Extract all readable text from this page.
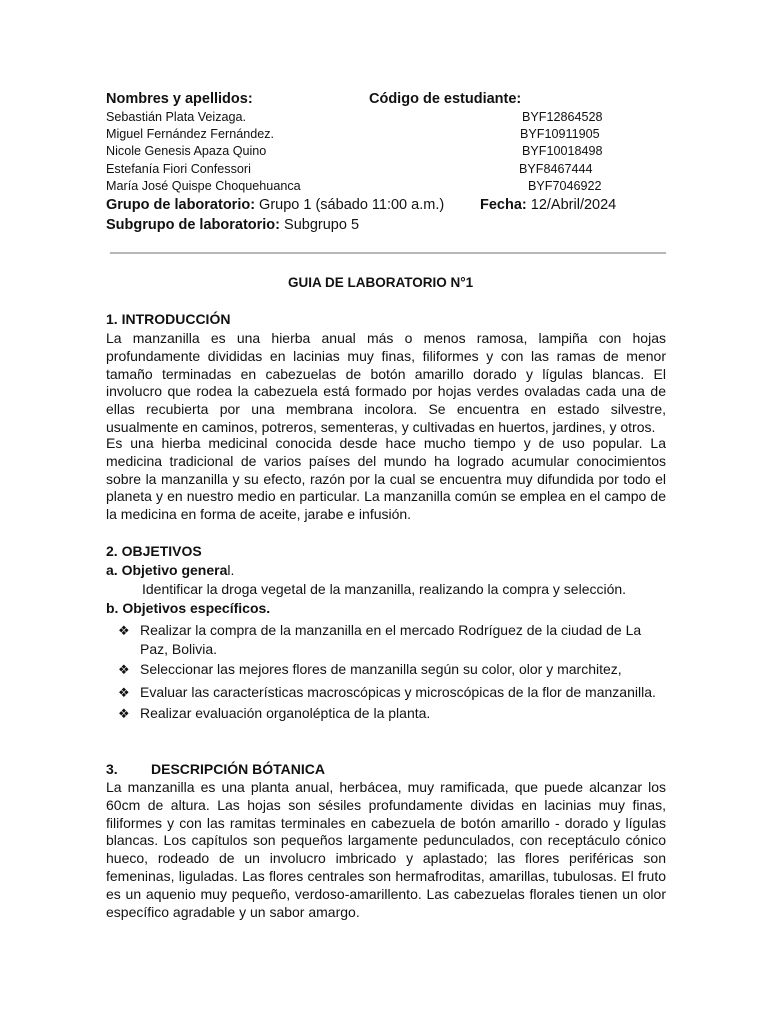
Nombres y apellidos:	Código de estudiante:
Sebastián Plata Veizaga.	BYF12864528
Miguel Fernández Fernández.	BYF10911905
Nicole Genesis Apaza Quino	BYF10018498
Estefanía Fiori Confessori	BYF8467444
María José Quispe Choquehuanca	BYF7046922
Grupo de laboratorio: Grupo 1 (sábado 11:00 a.m.) Fecha: 12/Abril/2024
Subgrupo de laboratorio: Subgrupo 5
GUIA DE LABORATORIO N°1
1. INTRODUCCIÓN

La manzanilla es una hierba anual más o menos ramosa, lampiña con hojas profundamente divididas en lacinias muy finas, filiformes y con las ramas de menor tamaño terminadas en cabezuelas de botón amarillo dorado y lígulas blancas. El involucro que rodea la cabezuela está formado por hojas verdes ovaladas cada una de ellas recubierta por una membrana incolora. Se encuentra en estado silvestre, usualmente en caminos, potreros, sementeras, y cultivadas en huertos, jardines, y otros.

Es una hierba medicinal conocida desde hace mucho tiempo y de uso popular. La medicina tradicional de varios países del mundo ha logrado acumular conocimientos sobre la manzanilla y su efecto, razón por la cual se encuentra muy difundida por todo el planeta y en nuestro medio en particular. La manzanilla común se emplea en el campo de la medicina en forma de aceite, jarabe e infusión.

2. OBJETIVOS
a. Objetivo general.
Identificar la droga vegetal de la manzanilla, realizando la compra y selección.
b. Objetivos específicos.
❖ Realizar la compra de la manzanilla en el mercado Rodríguez de la ciudad de La Paz, Bolivia.
❖ Seleccionar las mejores flores de manzanilla según su color, olor y marchitez,
❖ Evaluar las características macroscópicas y microscópicas de la flor de manzanilla.
❖ Realizar evaluación organoléptica de la planta.
3. DESCRIPCIÓN BÓTANICA

La manzanilla es una planta anual, herbácea, muy ramificada, que puede alcanzar los 60cm de altura. Las hojas son sésiles profundamente dividas en lacinias muy finas, filiformes y con las ramitas terminales en cabezuela de botón amarillo - dorado y lígulas blancas. Los capítulos son pequeños largamente pedunculados, con receptáculo cónico hueco, rodeado de un involucro imbricado y aplastado; las flores periféricas son femeninas, liguladas. Las flores centrales son hermafroditas, amarillas, tubulosas. El fruto es un aquenio muy pequeño, verdoso-amarillento. Las cabezuelas florales tienen un olor específico agradable y un sabor amargo.
